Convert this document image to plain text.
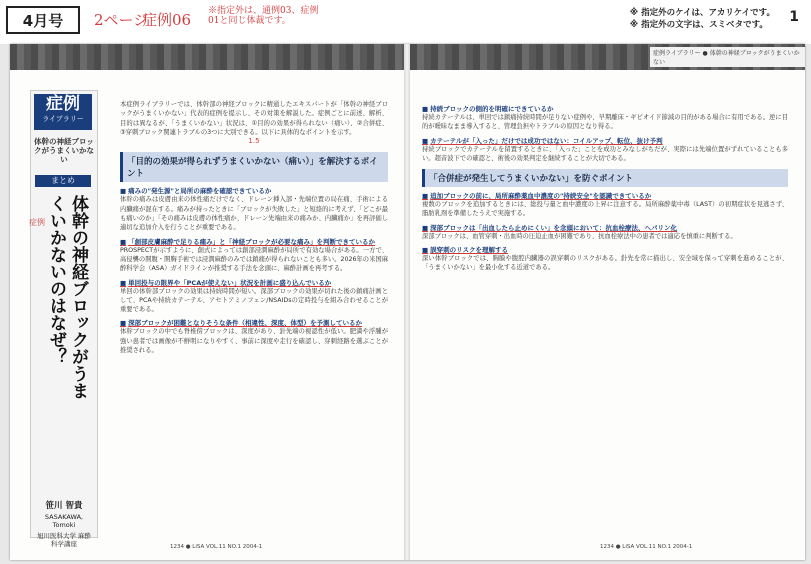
4月号	2ページ
症例06 ※指定外は、通例03、症例01と同じ体裁です。
※ 指定外のケイは、アカリケイです。
※ 指定外の文字は、スミベタです。	1
症例ライブラリー ● 体幹の神経ブロックがうまくいかない
症例
ライブラリー
体幹の神経ブロックがうまくいかない
まとめ
体幹の神経ブロックがうまくいかないのはなぜ？
症例
笹川 智貴
SASAKAWA, Tomoki
旭川医科大学 麻酔科学講座
本症例ライブラリーでは、体幹部の神経ブロックに精通したエキスパートが「体幹の神経ブロックがうまくいかない」代表的症例を提示し、その対策を解説した。症例ごとに前述、解析、目的は異なるが、「うまくいかない」状況は、①目的の効果が得られない（痛い）、②合併症、③穿刺ブロック関連トラブルの3つに大別できる。以下に具体的なポイントを示す。
1.5
「目的の効果が得られずうまくいかない（痛い）」を解決するポイント
■ 痛みの"発生源"と局所の麻酔を確認できているか
体幹の痛みは皮膚由来の体性痛だけでなく、ドレーン挿入部・先端位置の局在痛、手術による内臓痛が混在する。痛みが持ったときに「ブロックが失敗した」と短絡的に考えず、「どこが最も痛いのか」「その痛みは皮膚の体性痛か、ドレーン先端由来の痛みか、内臓痛か」を再評価し適切な追加介入を行うことが重要である。
■ 「創部皮膚麻酔で足りる痛み」と「神経ブロックが必要な痛み」を判断できているか
PROSPECTが示すように、創式によっては創部浸潤麻酔が局所で有効な場合がある。一方で、高侵襲の開腹・開胸手術では浸潤麻酔のみでは鎮痛が得られないことも多い。2026年の米国麻酔科学会（ASA）ガイドラインが推奨する手法を念頭に、麻酔計画を再考する。
■ 単回投与の限界や「PCAが使えない」状況を計画に盛り込んでいるか
単回の体幹部ブロックの効果は持続時間が短い。深部ブロックの効果が切れた後の鎮痛計画として、PCAや持続カテーテル、アセトアミノフェン/NSAIDsの定時投与を組み合わせることが重要である。
■ 深部ブロックが困難となりそうな条件（相違性、深度、体型）を予測しているか
体幹ブロックの中でも脊椎傍ブロックは、深度があり、針先端の視認性が低い。肥満や浮腫が強い患者では画像が不鮮明になりやすく、事前に深度や走行を確認し、穿刺経路を選ぶことが推奨される。
1234 ● LiSA VOL.11 NO.1 2004-1
■ 持続ブロックの側的を明確にできているか
持続カテーテルは、単回では鎮痛持続時間が足りない症例や、早期離床・ギビオイド節減の目的がある場合に有用である。逆に目的が曖昧なまま導入すると、管理負担やトラブルの原因となり得る。
■ カテーテルが「入った」だけでは成功ではない：コイルアップ、転位、抜け予判
持続ブロックでカテーテルを留置するときに、「入った」ことを成功とみなしがちだが、実際には先端位置がずれていることも多い。超音波下での確認と、術後の効果判定を継続することが大切である。
「合併症が発生してうまくいかない」を防ぐポイント
■ 追加ブロックの前に、局所麻酔薬血中濃度の"持続安全"を認識できているか
複数のブロックを追加するときには、総投与量と血中濃度の上昇に注意する。局所麻酔薬中毒（LAST）の初期症状を見逃さず、脂肪乳剤を準備したうえで実施する。
■ 深部ブロックは「出血したら止めにくい」を念頭において：抗血栓療法、ヘパリン化
深部ブロックは、血管穿刺・出血時の圧迫止血が困難であり、抗血栓療法中の患者では適応を慎重に判断する。
■ 誤穿刺のリスクを理解する
深い体幹ブロックでは、胸膜や腹腔内臓器の誤穿刺のリスクがある。針先を常に描出し、安全域を保って穿刺を進めることが、「うまくいかない」を最小化する近道である。
1234 ● LiSA VOL.11 NO.1 2004-1
